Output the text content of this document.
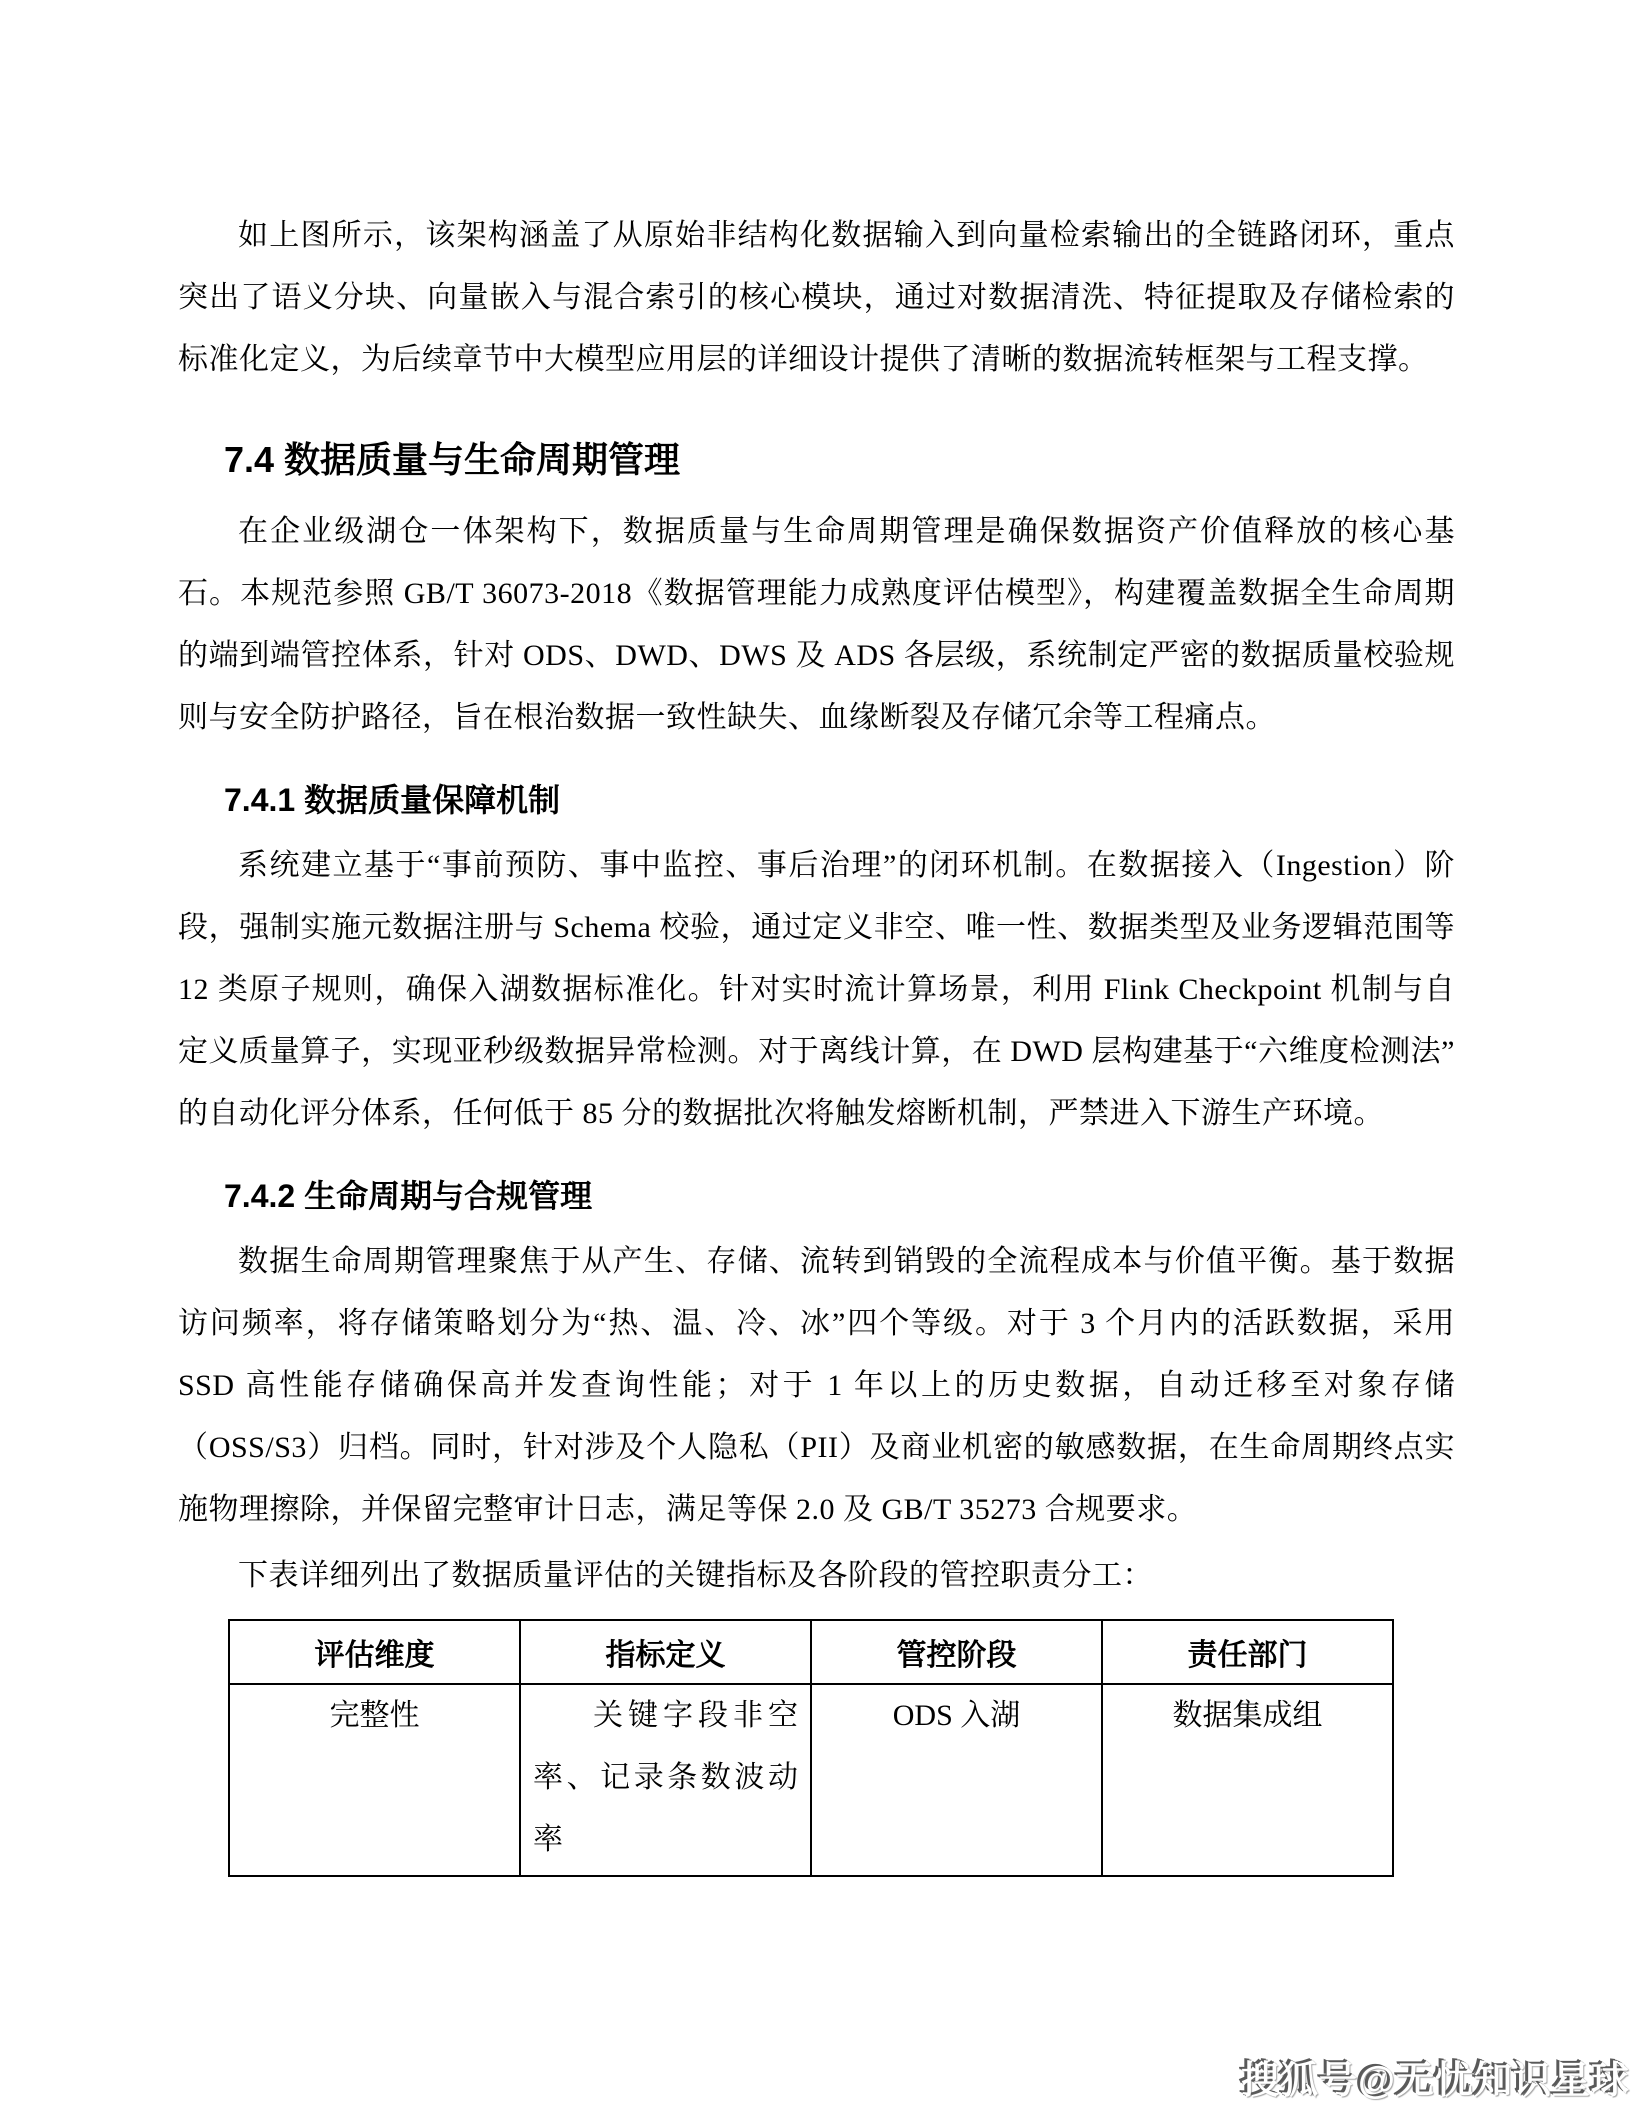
如上图所示，该架构涵盖了从原始非结构化数据输入到向量检索输出的全链路闭环，重点突出了语义分块、向量嵌入与混合索引的核心模块，通过对数据清洗、特征提取及存储检索的标准化定义，为后续章节中大模型应用层的详细设计提供了清晰的数据流转框架与工程支撑。

7.4 数据质量与生命周期管理

在企业级湖仓一体架构下，数据质量与生命周期管理是确保数据资产价值释放的核心基石。本规范参照 GB/T 36073-2018《数据管理能力成熟度评估模型》，构建覆盖数据全生命周期的端到端管控体系，针对 ODS、DWD、DWS 及 ADS 各层级，系统制定严密的数据质量校验规则与安全防护路径，旨在根治数据一致性缺失、血缘断裂及存储冗余等工程痛点。

7.4.1 数据质量保障机制

系统建立基于“事前预防、事中监控、事后治理”的闭环机制。在数据接入（Ingestion）阶段，强制实施元数据注册与 Schema 校验，通过定义非空、唯一性、数据类型及业务逻辑范围等 12 类原子规则，确保入湖数据标准化。针对实时流计算场景，利用 Flink Checkpoint 机制与自定义质量算子，实现亚秒级数据异常检测。对于离线计算，在 DWD 层构建基于“六维度检测法”的自动化评分体系，任何低于 85 分的数据批次将触发熔断机制，严禁进入下游生产环境。

7.4.2 生命周期与合规管理

数据生命周期管理聚焦于从产生、存储、流转到销毁的全流程成本与价值平衡。基于数据访问频率，将存储策略划分为“热、温、冷、冰”四个等级。对于 3 个月内的活跃数据，采用 SSD 高性能存储确保高并发查询性能；对于 1 年以上的历史数据，自动迁移至对象存储（OSS/S3）归档。同时，针对涉及个人隐私（PII）及商业机密的敏感数据，在生命周期终点实施物理擦除，并保留完整审计日志，满足等保 2.0 及 GB/T 35273 合规要求。

下表详细列出了数据质量评估的关键指标及各阶段的管控职责分工：

评估维度	指标定义	管控阶段	责任部门
完整性	关键字段非空率、记录条数波动率	ODS 入湖	数据集成组
搜狐号@无忧知识星球
